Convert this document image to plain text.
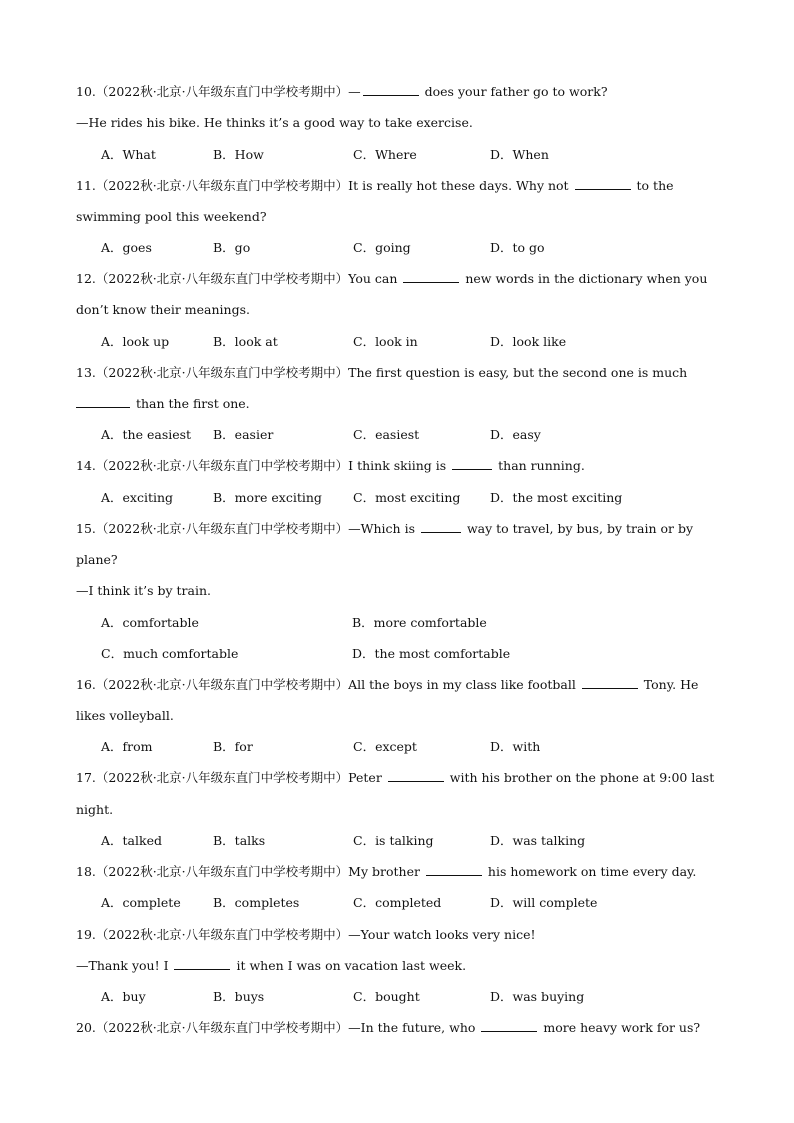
10.（2022秋·北京·八年级东直门中学校考期中）—	does your father go to work?
—He rides his bike. He thinks it’s a good way to take exercise.
A．What	B．How	C．Where	D．When
11.（2022秋·北京·八年级东直门中学校考期中）It is really hot these days. Why not	to the
swimming pool this weekend?
A．goes	B．go	C．going	D．to go
12.（2022秋·北京·八年级东直门中学校考期中）You can	new words in the dictionary when you
don’t know their meanings.
A．look up	B．look at	C．look in	D．look like
13.（2022秋·北京·八年级东直门中学校考期中）The first question is easy, but the second one is much
than the first one.
A．the easiest B．easier	C．easiest	D．easy
14.（2022秋·北京·八年级东直门中学校考期中）I think skiing is	than running.
A．exciting	B．more exciting C．most exciting D．the most exciting
15.（2022秋·北京·八年级东直门中学校考期中）—Which is	way to travel, by bus, by train or by
plane?
—I think it’s by train.
A．comfortable	B．more comfortable
C．much comfortable	D．the most comfortable
16.（2022秋·北京·八年级东直门中学校考期中）All the boys in my class like football	Tony. He
likes volleyball.
A．from	B．for	C．except	D．with
17.（2022秋·北京·八年级东直门中学校考期中）Peter	with his brother on the phone at 9:00 last
night.
A．talked	B．talks	C．is talking	D．was talking
18.（2022秋·北京·八年级东直门中学校考期中）My brother	his homework on time every day.
A．complete	B．completes	C．completed	D．will complete
19.（2022秋·北京·八年级东直门中学校考期中）—Your watch looks very nice!
—Thank you! I	it when I was on vacation last week.
A．buy	B．buys	C．bought	D．was buying
20.（2022秋·北京·八年级东直门中学校考期中）—In the future, who	more heavy work for us?
